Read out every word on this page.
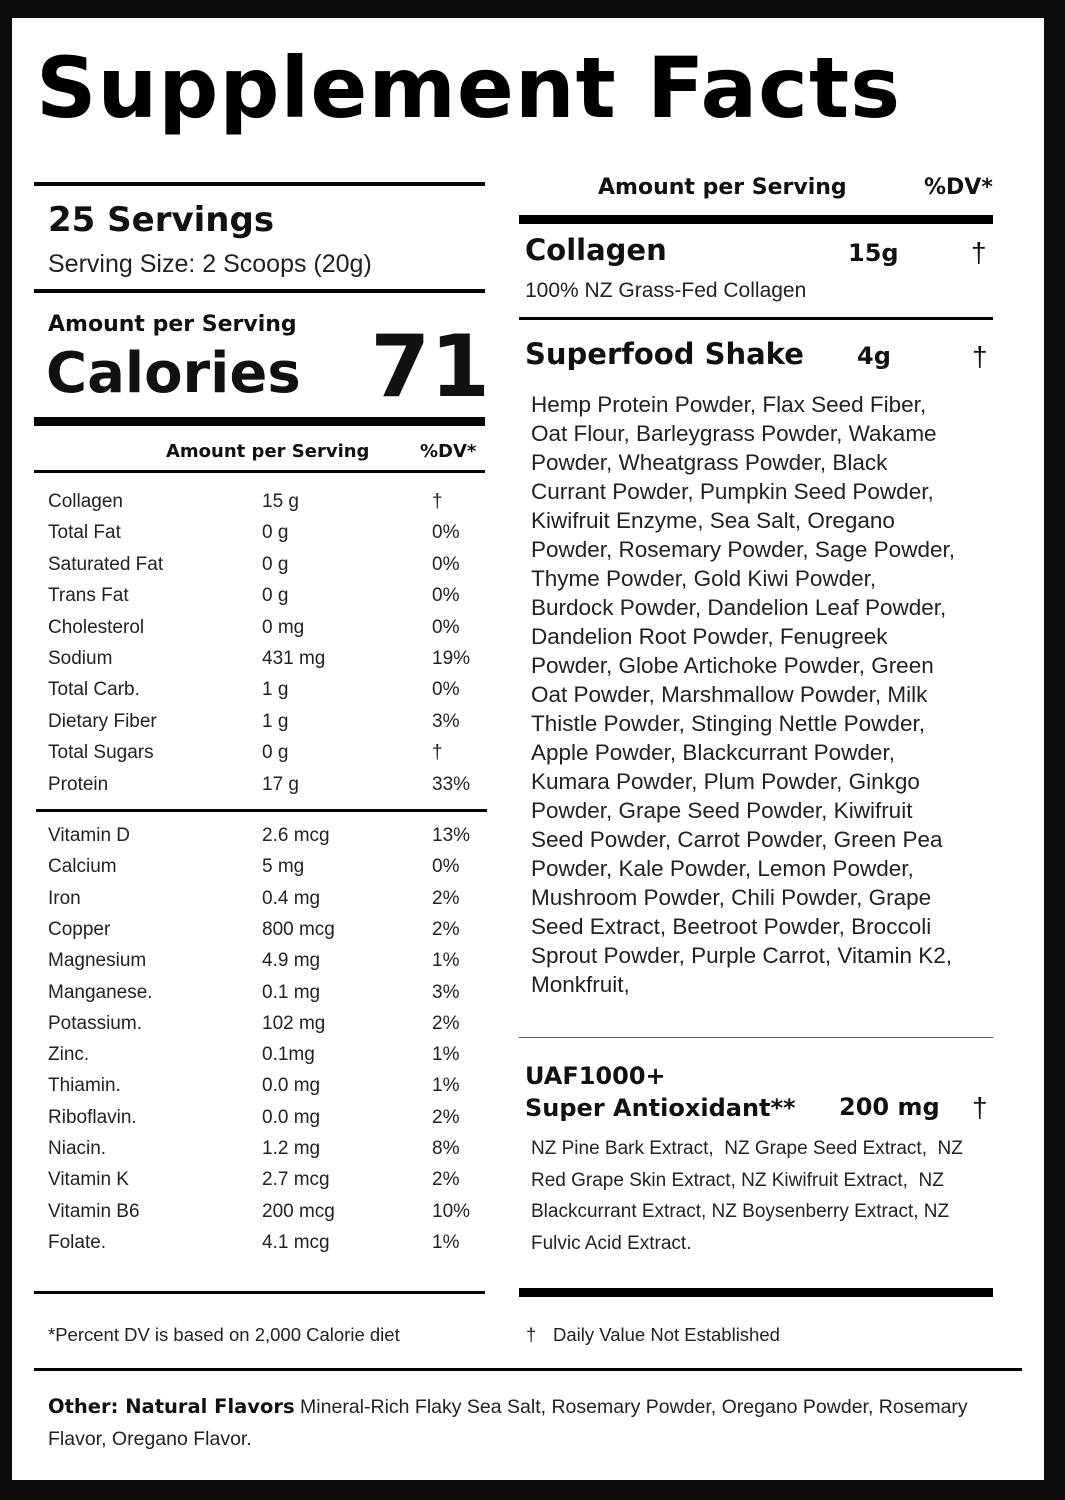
Supplement Facts
25 Servings
Serving Size: 2 Scoops (20g)
Amount per Serving
Calories 71
Amount per Serving	%DV*
Collagen	15 g	†
Total Fat	0 g	0%
Saturated Fat	0 g	0%
Trans Fat	0 g	0%
Cholesterol	0 mg	0%
Sodium	431 mg	19%
Total Carb.	1 g	0%
Dietary Fiber	1 g	3%
Total Sugars	0 g	†
Protein	17 g	33%
Vitamin D	2.6 mcg	13%
Calcium	5 mg	0%
Iron	0.4 mg	2%
Copper	800 mcg	2%
Magnesium	4.9 mg	1%
Manganese.	0.1 mg	3%
Potassium.	102 mg	2%
Zinc.	0.1mg	1%
Thiamin.	0.0 mg	1%
Riboflavin.	0.0 mg	2%
Niacin.	1.2 mg	8%
Vitamin K	2.7 mcg	2%
Vitamin B6	200 mcg	10%
Folate.	4.1 mcg	1%
*Percent DV is based on 2,000 Calorie diet
Amount per Serving	%DV*
Collagen	15g	†
100% NZ Grass-Fed Collagen
Superfood Shake 4g	†
Hemp Protein Powder, Flax Seed Fiber,
Oat Flour, Barleygrass Powder, Wakame
Powder, Wheatgrass Powder, Black
Currant Powder, Pumpkin Seed Powder,
Kiwifruit Enzyme, Sea Salt, Oregano
Powder, Rosemary Powder, Sage Powder,
Thyme Powder, Gold Kiwi Powder,
Burdock Powder, Dandelion Leaf Powder,
Dandelion Root Powder, Fenugreek
Powder, Globe Artichoke Powder, Green
Oat Powder, Marshmallow Powder, Milk
Thistle Powder, Stinging Nettle Powder,
Apple Powder, Blackcurrant Powder,
Kumara Powder, Plum Powder, Ginkgo
Powder, Grape Seed Powder, Kiwifruit
Seed Powder, Carrot Powder, Green Pea
Powder, Kale Powder, Lemon Powder,
Mushroom Powder, Chili Powder, Grape
Seed Extract, Beetroot Powder, Broccoli
Sprout Powder, Purple Carrot, Vitamin K2,
Monkfruit,
UAF1000+
Super Antioxidant** 200 mg †
NZ Pine Bark Extract,  NZ Grape Seed Extract,  NZ
Red Grape Skin Extract, NZ Kiwifruit Extract,  NZ
Blackcurrant Extract, NZ Boysenberry Extract, NZ
Fulvic Acid Extract.
† Daily Value Not Established
Other: Natural Flavors Mineral-Rich Flaky Sea Salt, Rosemary Powder, Oregano Powder, Rosemary Flavor, Oregano Flavor.
